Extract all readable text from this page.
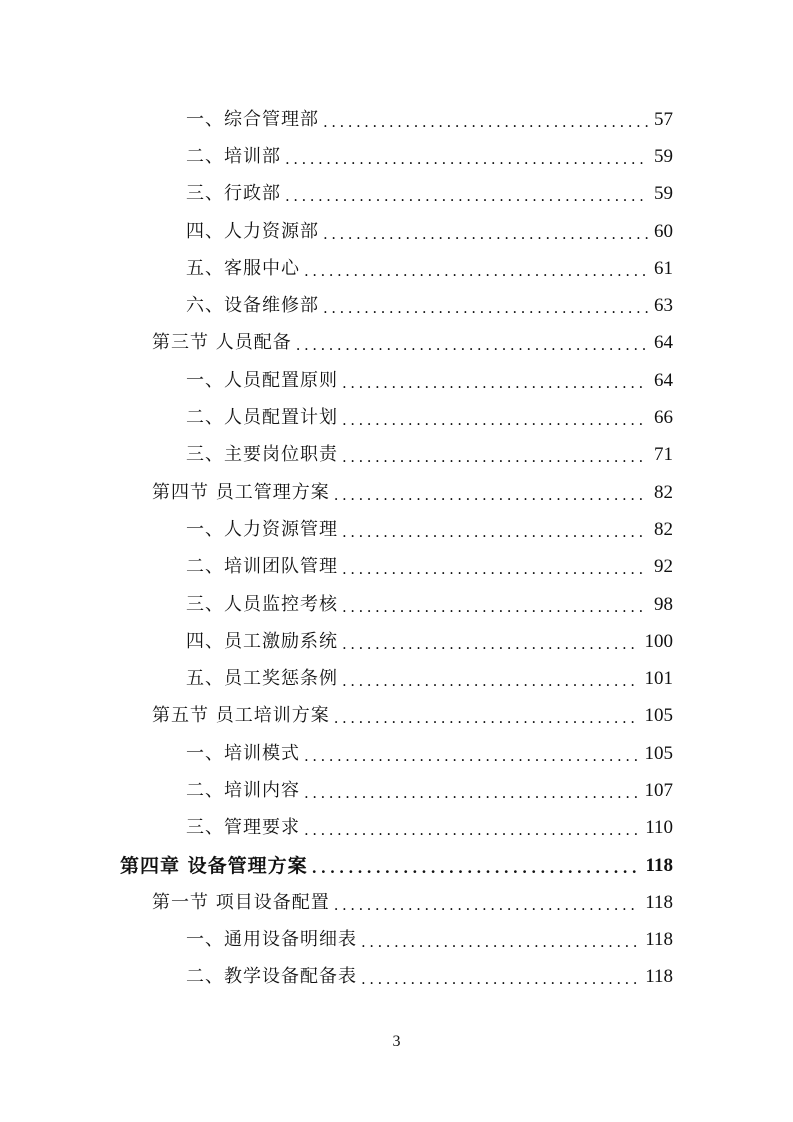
一、综合管理部 . . .	57
二、培训部 . . .	59
三、行政部 . . .	59
四、人力资源部 . . .	60
五、客服中心 . . .	61
六、设备维修部 . . .	63
第三节 人员配备 . . .	64
一、人员配置原则 . . .	64
二、人员配置计划 . . .	66
三、主要岗位职责 . . .	71
第四节 员工管理方案 . . .	82
一、人力资源管理 . . .	82
二、培训团队管理 . . .	92
三、人员监控考核 . . .	98
四、员工激励系统 . . .	100
五、员工奖惩条例 . . .	101
第五节 员工培训方案 . . .	105
一、培训模式 . . .	105
二、培训内容 . . .	107
三、管理要求 . . .	110
第四章 设备管理方案 . . .	118
第一节 项目设备配置 . . .	118
一、通用设备明细表 . . .	118
二、教学设备配备表 . . .	118
3
